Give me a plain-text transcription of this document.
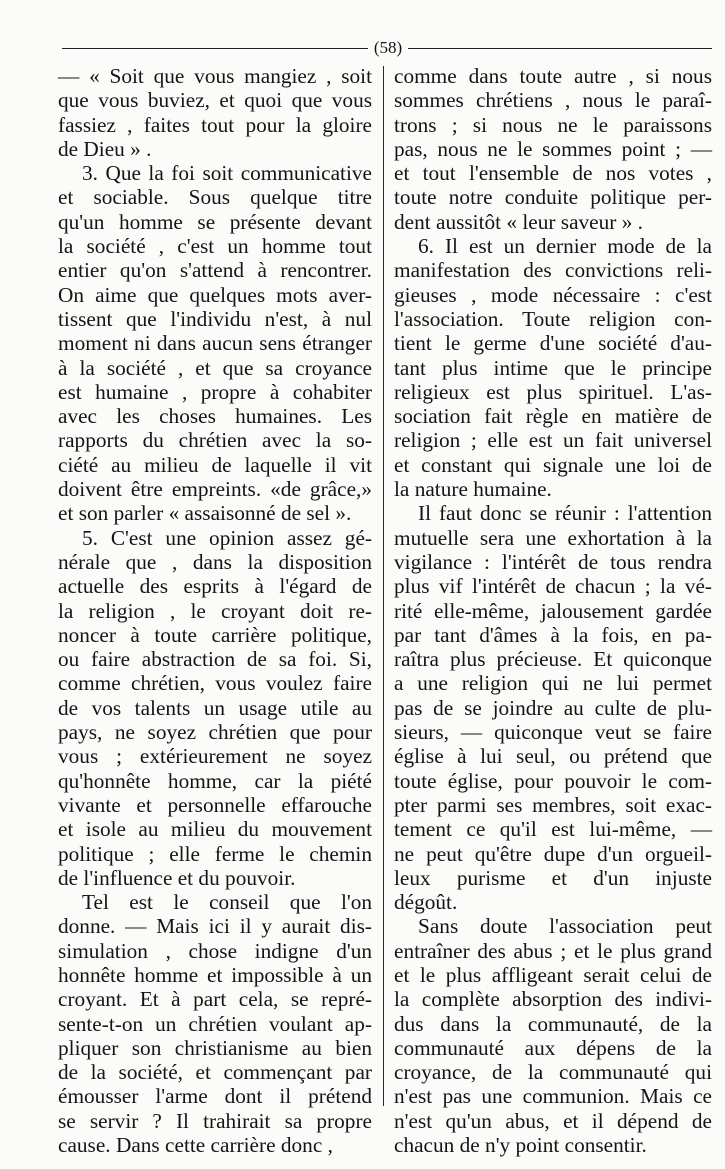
(58)
— « Soit que vous mangiez , soit
que vous buviez, et quoi que vous
fassiez , faites tout pour la gloire
de Dieu » .
3. Que la foi soit communicative
et sociable. Sous quelque titre
qu'un homme se présente devant
la société , c'est un homme tout
entier qu'on s'attend à rencontrer.
On aime que quelques mots aver-
tissent que l'individu n'est, à nul
moment ni dans aucun sens étranger
à la société , et que sa croyance
est humaine , propre à cohabiter
avec les choses humaines. Les
rapports du chrétien avec la so-
ciété au milieu de laquelle il vit
doivent être empreints. «de grâce,»
et son parler « assaisonné de sel ».
5. C'est une opinion assez gé-
nérale que , dans la disposition
actuelle des esprits à l'égard de
la religion , le croyant doit re-
noncer à toute carrière politique,
ou faire abstraction de sa foi. Si,
comme chrétien, vous voulez faire
de vos talents un usage utile au
pays, ne soyez chrétien que pour
vous ; extérieurement ne soyez
qu'honnête homme, car la piété
vivante et personnelle effarouche
et isole au milieu du mouvement
politique ; elle ferme le chemin
de l'influence et du pouvoir.
Tel est le conseil que l'on
donne. — Mais ici il y aurait dis-
simulation , chose indigne d'un
honnête homme et impossible à un
croyant. Et à part cela, se repré-
sente-t-on un chrétien voulant ap-
pliquer son christianisme au bien
de la société, et commençant par
émousser l'arme dont il prétend
se servir ? Il trahirait sa propre
cause. Dans cette carrière donc ,
comme dans toute autre , si nous
sommes chrétiens , nous le paraî-
trons ; si nous ne le paraissons
pas, nous ne le sommes point ; —
et tout l'ensemble de nos votes ,
toute notre conduite politique per-
dent aussitôt « leur saveur » .
6. Il est un dernier mode de la
manifestation des convictions reli-
gieuses , mode nécessaire : c'est
l'association. Toute religion con-
tient le germe d'une société d'au-
tant plus intime que le principe
religieux est plus spirituel. L'as-
sociation fait règle en matière de
religion ; elle est un fait universel
et constant qui signale une loi de
la nature humaine.
Il faut donc se réunir : l'attention
mutuelle sera une exhortation à la
vigilance : l'intérêt de tous rendra
plus vif l'intérêt de chacun ; la vé-
rité elle-même, jalousement gardée
par tant d'âmes à la fois, en pa-
raîtra plus précieuse. Et quiconque
a une religion qui ne lui permet
pas de se joindre au culte de plu-
sieurs, — quiconque veut se faire
église à lui seul, ou prétend que
toute église, pour pouvoir le com-
pter parmi ses membres, soit exac-
tement ce qu'il est lui-même, —
ne peut qu'être dupe d'un orgueil-
leux purisme et d'un injuste
dégoût.
Sans doute l'association peut
entraîner des abus ; et le plus grand
et le plus affligeant serait celui de
la complète absorption des indivi-
dus dans la communauté, de la
communauté aux dépens de la
croyance, de la communauté qui
n'est pas une communion. Mais ce
n'est qu'un abus, et il dépend de
chacun de n'y point consentir.
